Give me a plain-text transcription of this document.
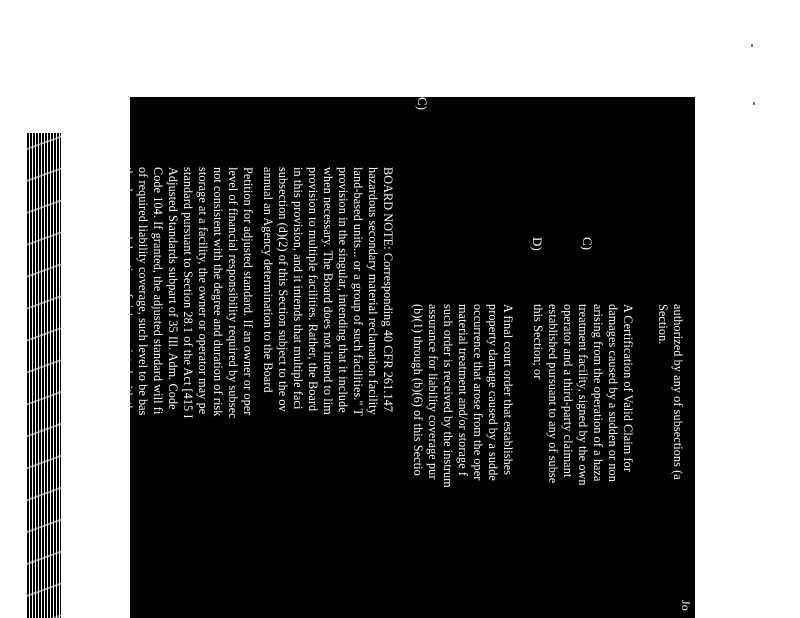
Jo
C)
D)	C)
authorized by any of subsections (a
Section.
A Certification of Valid Claim for
damages caused by a sudden or non
arising from the operation of a haza
treatment facility, signed by the own
operator and a third-party claimant
established pursuant to any of subse
this Section; or
A final court order that establishes
property damage caused by a sudde
occurrence that arose from the oper
material treatment and/or storage f
such order is received by the instrum
assurance for liability coverage pur
(b)(1) through (b)(6) of this Sectio
BOARD NOTE: Corresponding 40 CFR 261.147
hazardous secondary material reclamation facility
land-based units... or a group of such facilities." T
provision in the singular, intending that it include
when necessary. The Board does not intend to lim
provision to multiple facilities. Rather, the Board
in this provision, and it intends that multiple faci
subsection (d)(2) of this Section subject to the ov
annual an Agency determination to the Board
Petition for adjusted standard. If an owner or oper
level of financial responsibility required by subsec
not consistent with the degree and duration of risk
storage at a facility, the owner or operator may pe
standard pursuant to Section 28.1 of the Act [415 I
Adjusted Standards subpart of 35 Ill. Adm. Code
Code 104. If granted, the adjusted standard will fi
of required liability coverage, such level to be bas
the degree and duration of risk associated with the
facility or group of facilities. The owner or opera
standard must provide such technical and enginee
for the Board to determine that an alternative leve
that required by subsection (a) or (b) of this Sectio
